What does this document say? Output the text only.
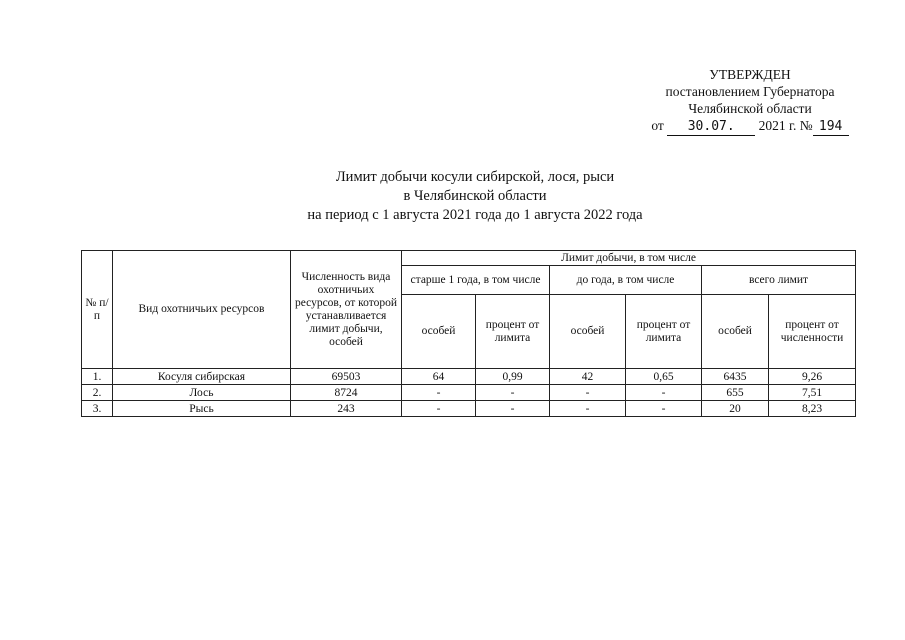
УТВЕРЖДЕН
постановлением Губернатора
Челябинской области
от 30.07. 2021 г. № 194
Лимит добычи косули сибирской, лося, рыси
в Челябинской области
на период с 1 августа 2021 года до 1 августа 2022 года
№ п/п	Вид охотничьих ресурсов	Численность вида охотничьих ресурсов, от которой устанавливается лимит добычи, особей	Лимит добычи, в том числе					
			старше 1 года, в том числе		до года, в том числе		всего лимит	
			особей	процент от лимита	особей	процент от лимита	особей	процент от численности
1.	Косуля сибирская	69503	64	0,99	42	0,65	6435	9,26
2.	Лось	8724	-	-	-	-	655	7,51
3.	Рысь	243	-	-	-	-	20	8,23
